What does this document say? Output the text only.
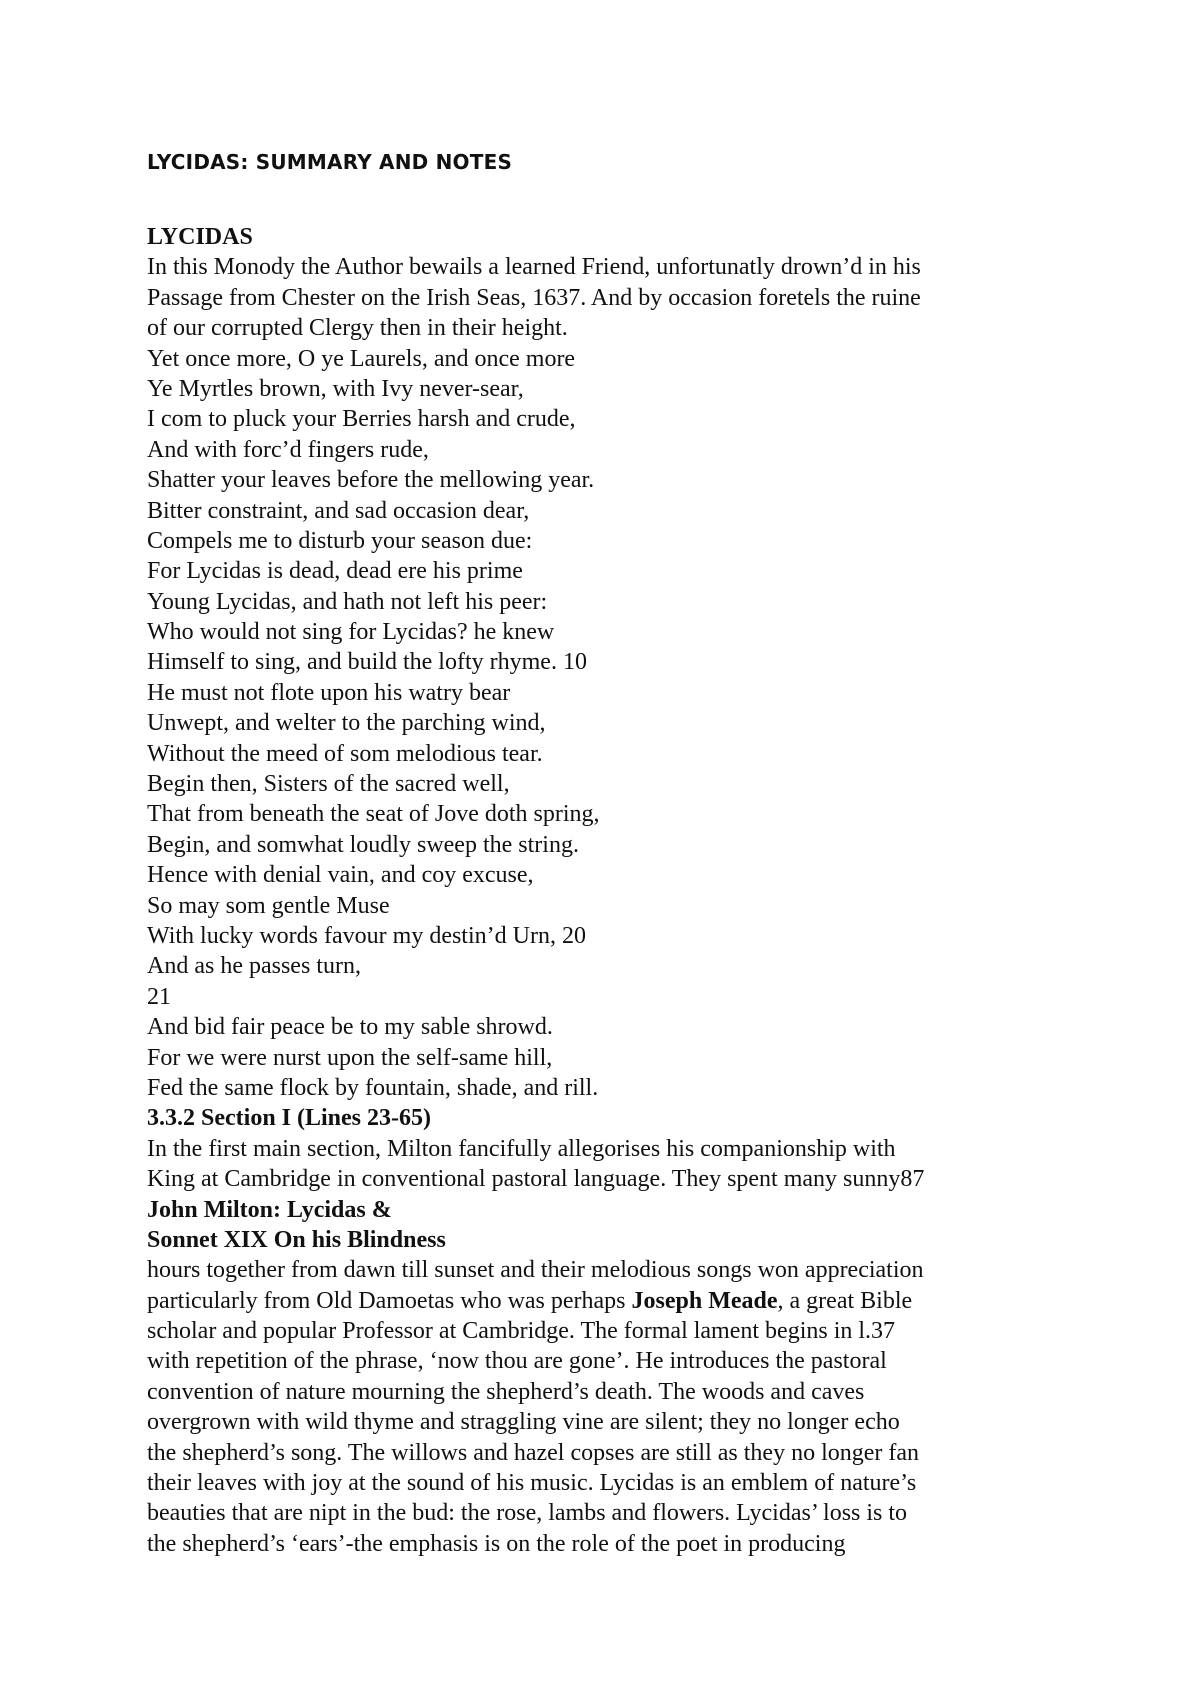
LYCIDAS: SUMMARY AND NOTES
LYCIDAS
In this Monody the Author bewails a learned Friend, unfortunatly drown’d in his
Passage from Chester on the Irish Seas, 1637. And by occasion foretels the ruine
of our corrupted Clergy then in their height.
Yet once more, O ye Laurels, and once more
Ye Myrtles brown, with Ivy never-sear,
I com to pluck your Berries harsh and crude,
And with forc’d fingers rude,
Shatter your leaves before the mellowing year.
Bitter constraint, and sad occasion dear,
Compels me to disturb your season due:
For Lycidas is dead, dead ere his prime
Young Lycidas, and hath not left his peer:
Who would not sing for Lycidas? he knew
Himself to sing, and build the lofty rhyme. 10
He must not flote upon his watry bear
Unwept, and welter to the parching wind,
Without the meed of som melodious tear.
Begin then, Sisters of the sacred well,
That from beneath the seat of Jove doth spring,
Begin, and somwhat loudly sweep the string.
Hence with denial vain, and coy excuse,
So may som gentle Muse
With lucky words favour my destin’d Urn, 20
And as he passes turn,
21
And bid fair peace be to my sable shrowd.
For we were nurst upon the self-same hill,
Fed the same flock by fountain, shade, and rill.
3.3.2 Section I (Lines 23-65)
In the first main section, Milton fancifully allegorises his companionship with
King at Cambridge in conventional pastoral language. They spent many sunny87
John Milton: Lycidas &
Sonnet XIX On his Blindness
hours together from dawn till sunset and their melodious songs won appreciation
particularly from Old Damoetas who was perhaps Joseph Meade, a great Bible
scholar and popular Professor at Cambridge. The formal lament begins in l.37
with repetition of the phrase, ‘now thou are gone’. He introduces the pastoral
convention of nature mourning the shepherd’s death. The woods and caves
overgrown with wild thyme and straggling vine are silent; they no longer echo
the shepherd’s song. The willows and hazel copses are still as they no longer fan
their leaves with joy at the sound of his music. Lycidas is an emblem of nature’s
beauties that are nipt in the bud: the rose, lambs and flowers. Lycidas’ loss is to
the shepherd’s ‘ears’-the emphasis is on the role of the poet in producing
